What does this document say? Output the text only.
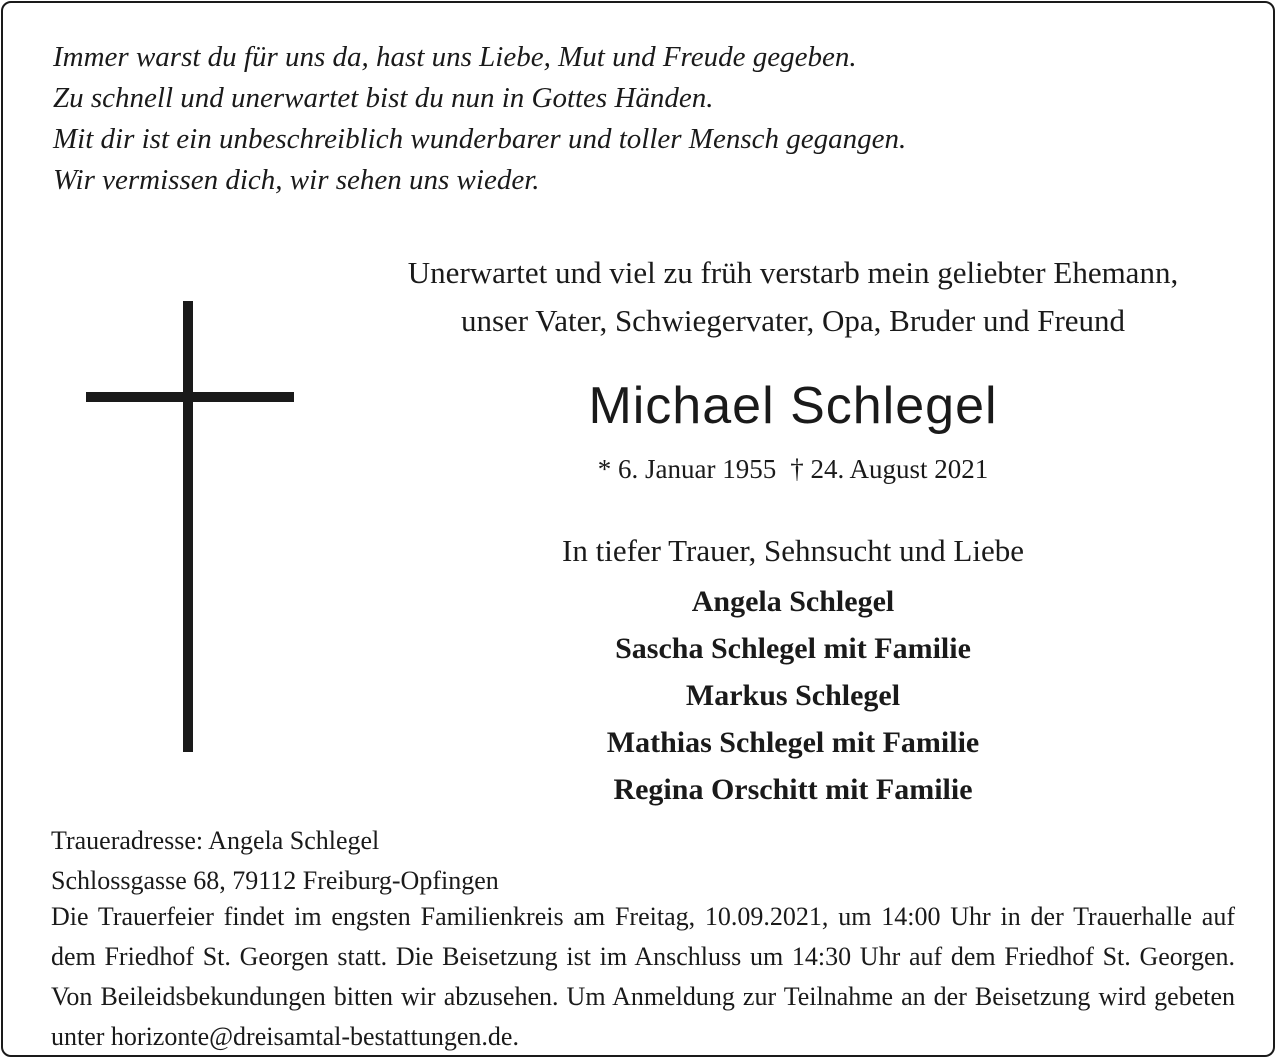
Immer warst du für uns da, hast uns Liebe, Mut und Freude gegeben.

Zu schnell und unerwartet bist du nun in Gottes Händen.

Mit dir ist ein unbeschreiblich wunderbarer und toller Mensch gegangen.

Wir vermissen dich, wir sehen uns wieder.

Unerwartet und viel zu früh verstarb mein geliebter Ehemann,

unser Vater, Schwiegervater, Opa, Bruder und Freund

Michael Schlegel
* 6. Januar 1955 † 24. August 2021
In tiefer Trauer, Sehnsucht und Liebe
Angela Schlegel
Sascha Schlegel mit Familie
Markus Schlegel
Mathias Schlegel mit Familie
Regina Orschitt mit Familie

Traueradresse: Angela Schlegel

Schlossgasse 68, 79112 Freiburg-Opfingen

Die Trauerfeier findet im engsten Familienkreis am Freitag, 10.09.2021, um 14:00 Uhr in der Trauerhalle auf dem Friedhof St. Georgen statt. Die Beisetzung ist im Anschluss um 14:30 Uhr auf dem Friedhof St. Georgen. Von Beileidsbekundungen bitten wir abzusehen. Um Anmeldung zur Teilnahme an der Beisetzung wird gebeten unter horizonte@dreisamtal-bestattungen.de.
